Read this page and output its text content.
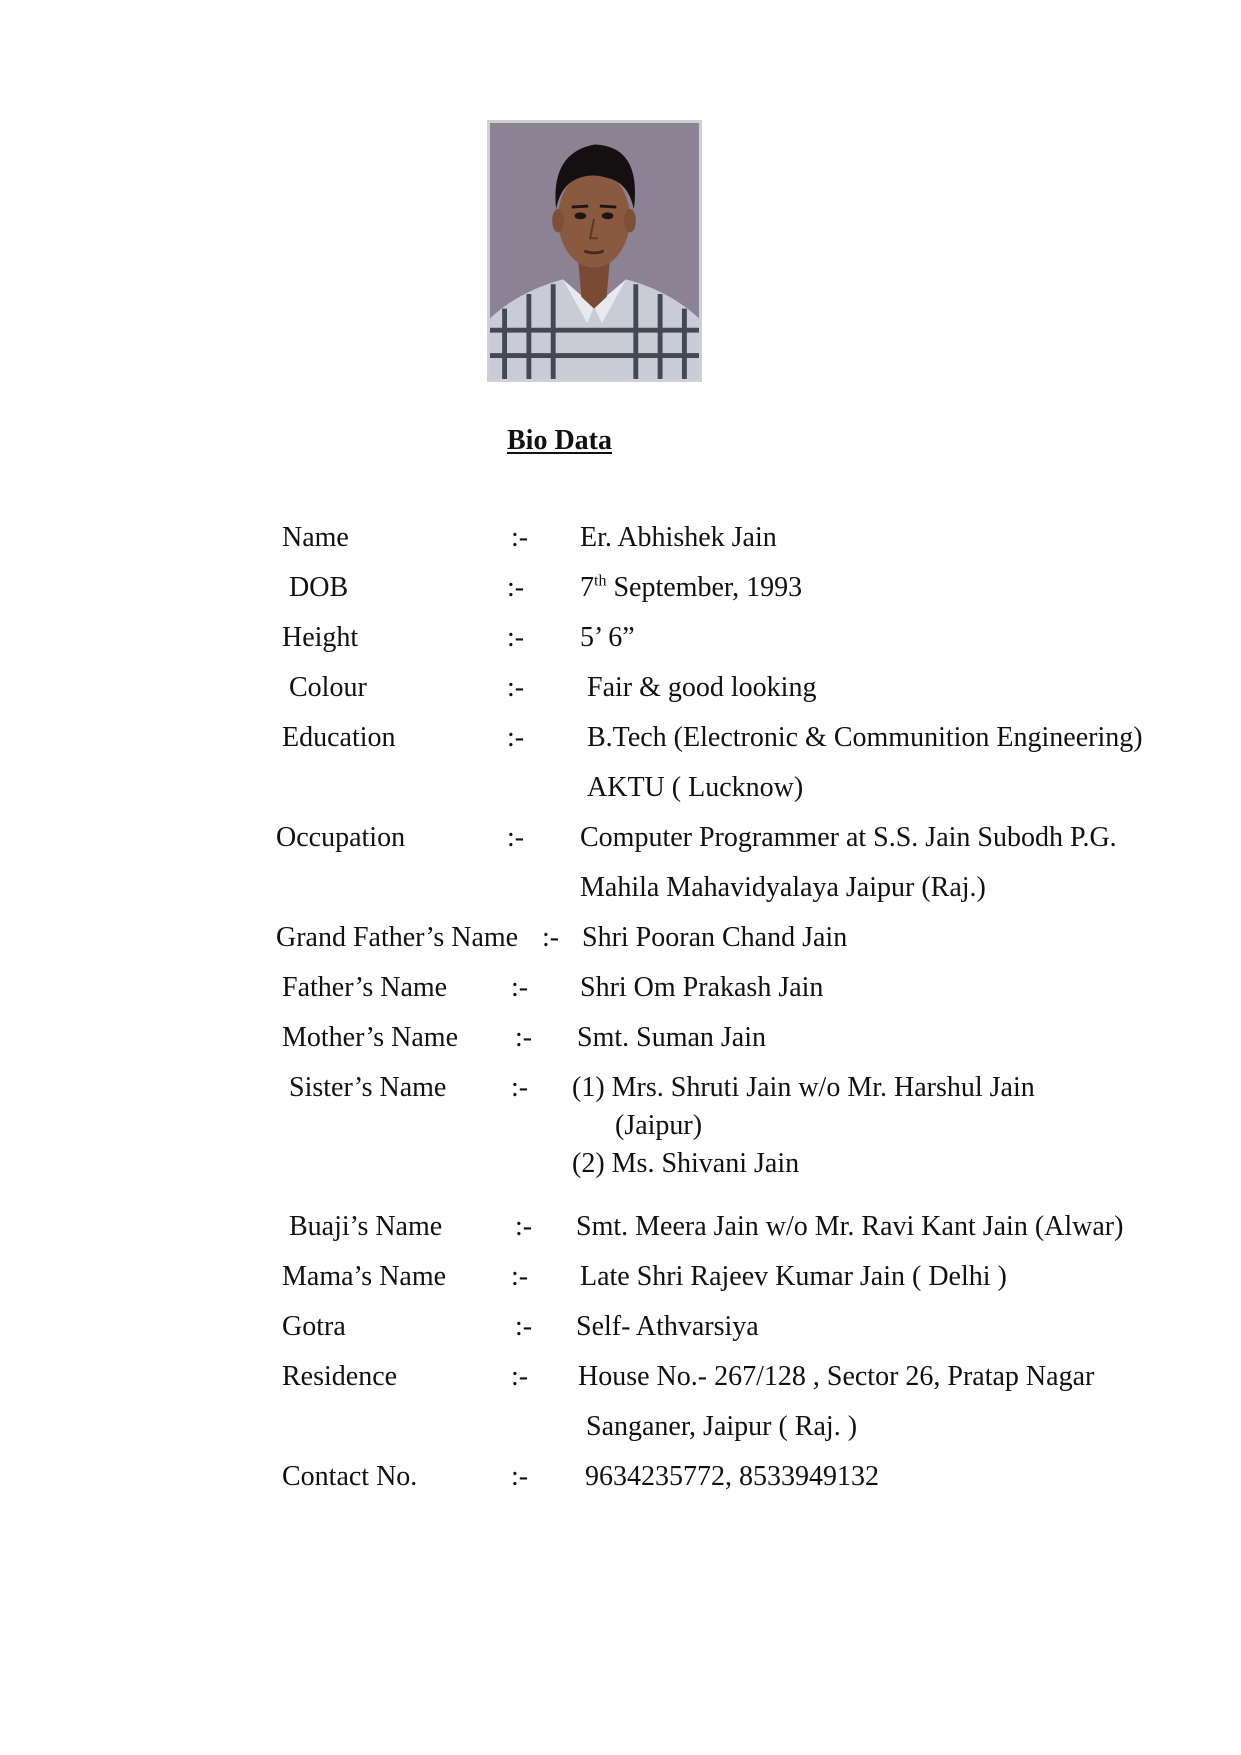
Bio Data
Name	:- Er. Abhishek Jain
DOB	:- 7th September, 1993
Height	:- 5’ 6”
Colour	:- Fair & good looking
Education	:- B.Tech (Electronic & Communition Engineering)
AKTU ( Lucknow)
Occupation	:- Computer Programmer at S.S. Jain Subodh P.G.
Mahila Mahavidyalaya Jaipur (Raj.)
Grand Father’s Name :- Shri Pooran Chand Jain
Father’s Name :- Shri Om Prakash Jain
Mother’s Name :- Smt. Suman Jain
Sister’s Name :- (1) Mrs. Shruti Jain w/o Mr. Harshul Jain
(Jaipur)
(2) Ms. Shivani Jain
Buaji’s Name	:- Smt. Meera Jain w/o Mr. Ravi Kant Jain (Alwar)
Mama’s Name :- Late Shri Rajeev Kumar Jain ( Delhi )
Gotra	:- Self- Athvarsiya
Residence	:- House No.- 267/128 , Sector 26, Pratap Nagar
Sanganer, Jaipur ( Raj. )
Contact No.	:- 9634235772, 8533949132
